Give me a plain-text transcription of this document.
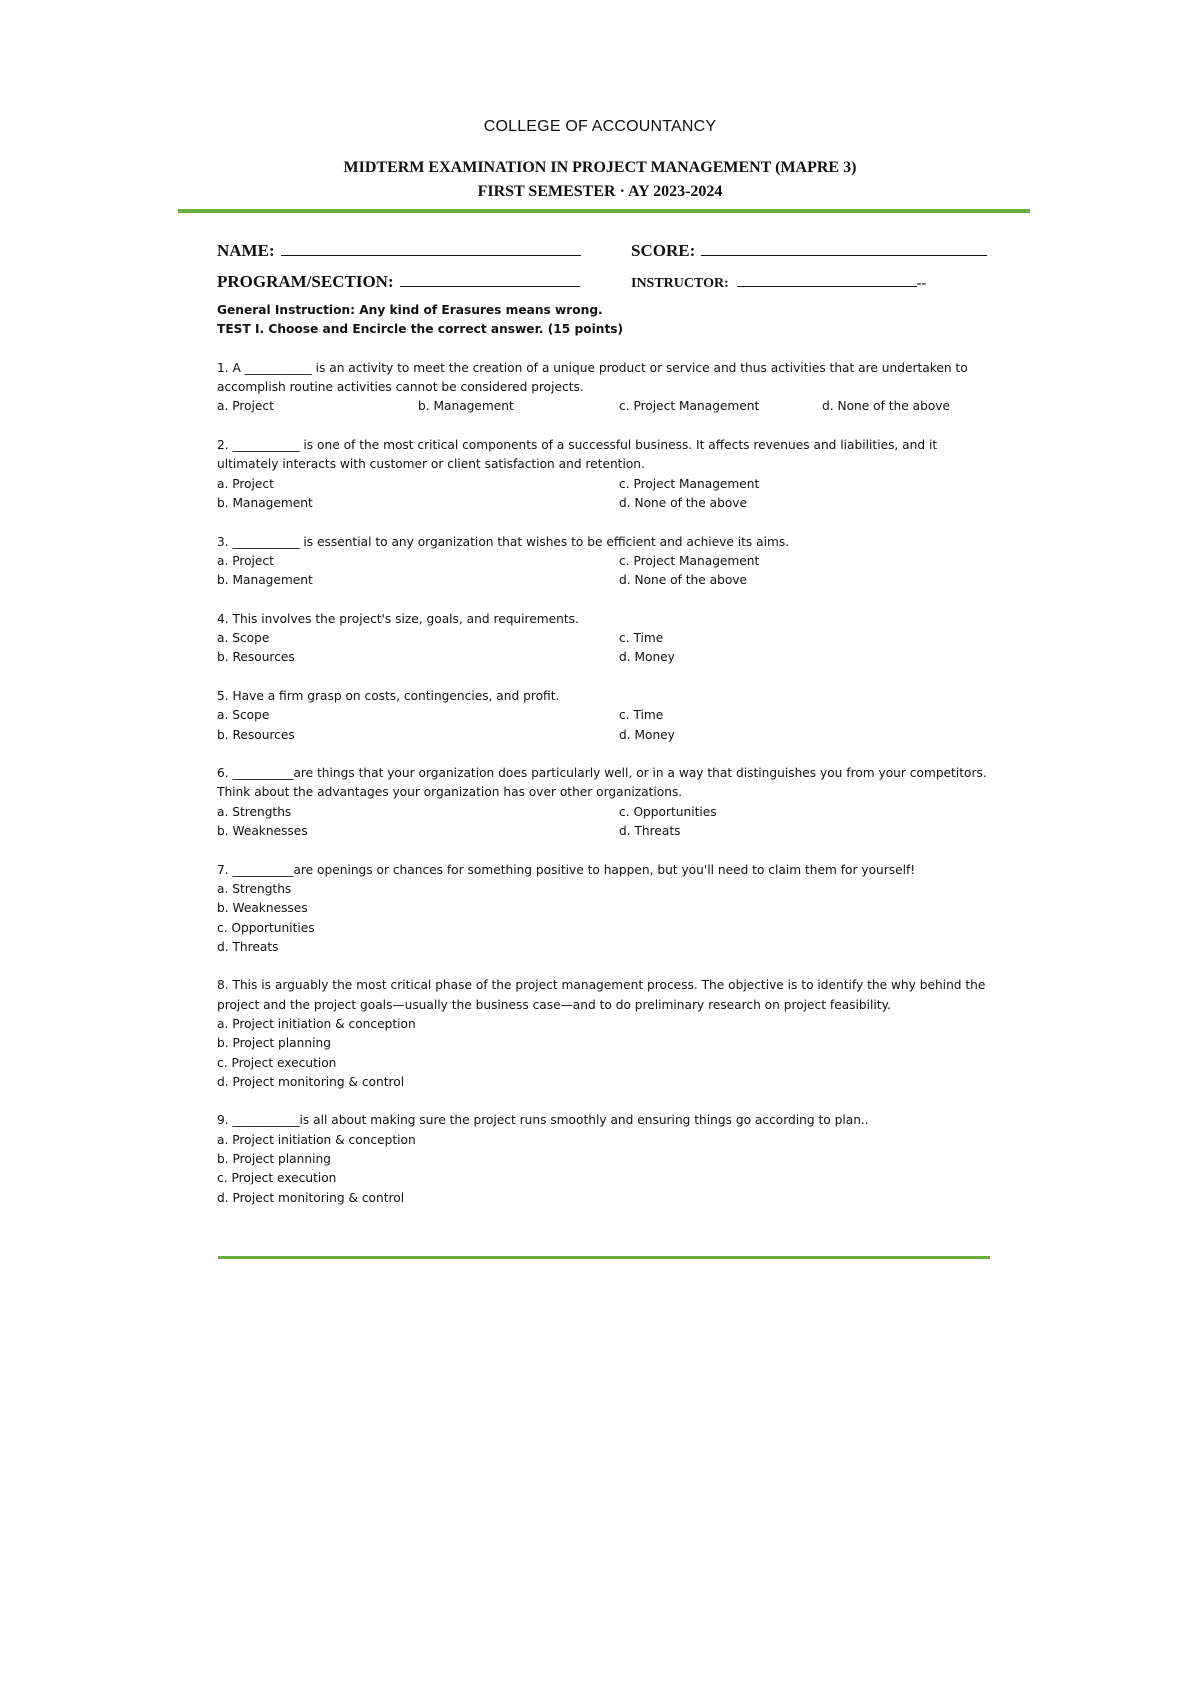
COLLEGE OF ACCOUNTANCY
MIDTERM EXAMINATION IN PROJECT MANAGEMENT (MAPRE 3)
FIRST SEMESTER · AY 2023-2024
NAME:	SCORE:
PROGRAM/SECTION:	INSTRUCTOR:	--
General Instruction: Any kind of Erasures means wrong.
TEST I. Choose and Encircle the correct answer. (15 points)
1. A ___________ is an activity to meet the creation of a unique product or service and thus activities that are undertaken to accomplish routine activities cannot be considered projects.
a. Project	b. Management	c. Project Management	d. None of the above
2. ___________ is one of the most critical components of a successful business. It affects revenues and liabilities, and it ultimately interacts with customer or client satisfaction and retention.
a. Project	c. Project Management
b. Management	d. None of the above
3. ___________ is essential to any organization that wishes to be efficient and achieve its aims.
a. Project	c. Project Management
b. Management	d. None of the above
4. This involves the project's size, goals, and requirements.
a. Scope	c. Time
b. Resources	d. Money
5. Have a firm grasp on costs, contingencies, and profit.
a. Scope	c. Time
b. Resources	d. Money
6. __________are things that your organization does particularly well, or in a way that distinguishes you from your competitors. Think about the advantages your organization has over other organizations.
a. Strengths	c. Opportunities
b. Weaknesses	d. Threats
7. __________are openings or chances for something positive to happen, but you'll need to claim them for yourself!
a. Strengths
b. Weaknesses
c. Opportunities
d. Threats
8. This is arguably the most critical phase of the project management process. The objective is to identify the why behind the project and the project goals—usually the business case—and to do preliminary research on project feasibility.
a. Project initiation & conception
b. Project planning
c. Project execution
d. Project monitoring & control
9. ___________is all about making sure the project runs smoothly and ensuring things go according to plan..
a. Project initiation & conception
b. Project planning
c. Project execution
d. Project monitoring & control
